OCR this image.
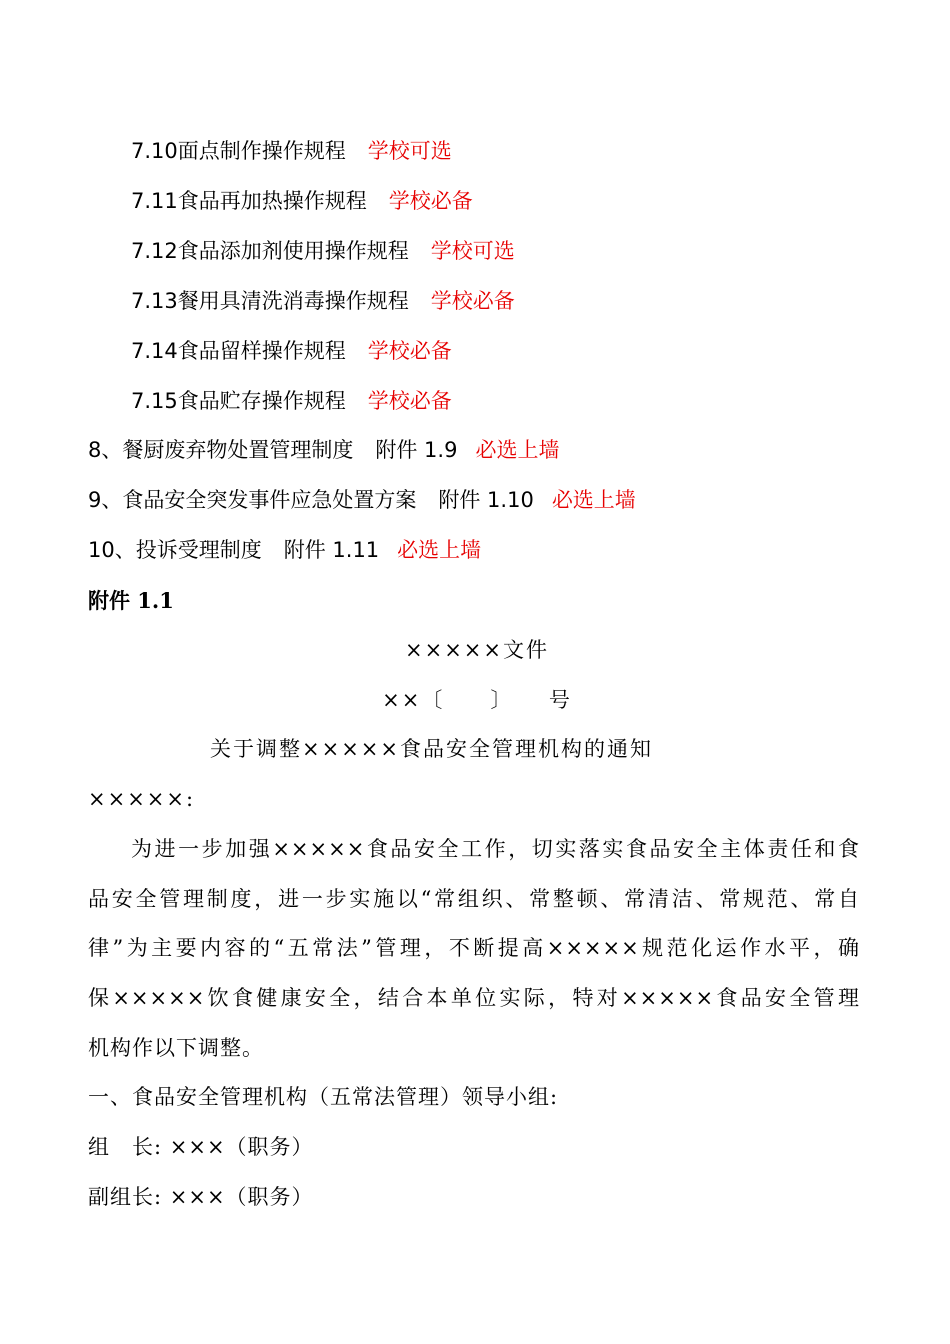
7.10面点制作操作规程 学校可选
7.11食品再加热操作规程 学校必备
7.12食品添加剂使用操作规程 学校可选
7.13餐用具清洗消毒操作规程 学校必备
7.14食品留样操作规程 学校必备
7.15食品贮存操作规程 学校必备
8、餐厨废弃物处置管理制度 附件 1.9 必选上墙
9、食品安全突发事件应急处置方案 附件 1.10 必选上墙
10、投诉受理制度 附件 1.11 必选上墙
附件 1.1
×××××文件
××〔　　〕　　号
关于调整×××××食品安全管理机构的通知
×××××:
为进一步加强×××××食品安全工作，切实落实食品安全主体责任和食
品安全管理制度，进一步实施以“常组织、常整顿、常清洁、常规范、常自
律”为主要内容的“五常法”管理，不断提高×××××规范化运作水平，确
保×××××饮食健康安全，结合本单位实际，特对×××××食品安全管理
机构作以下调整。
一、食品安全管理机构（五常法管理）领导小组:
组　长: ×××（职务）
副组长: ×××（职务）
